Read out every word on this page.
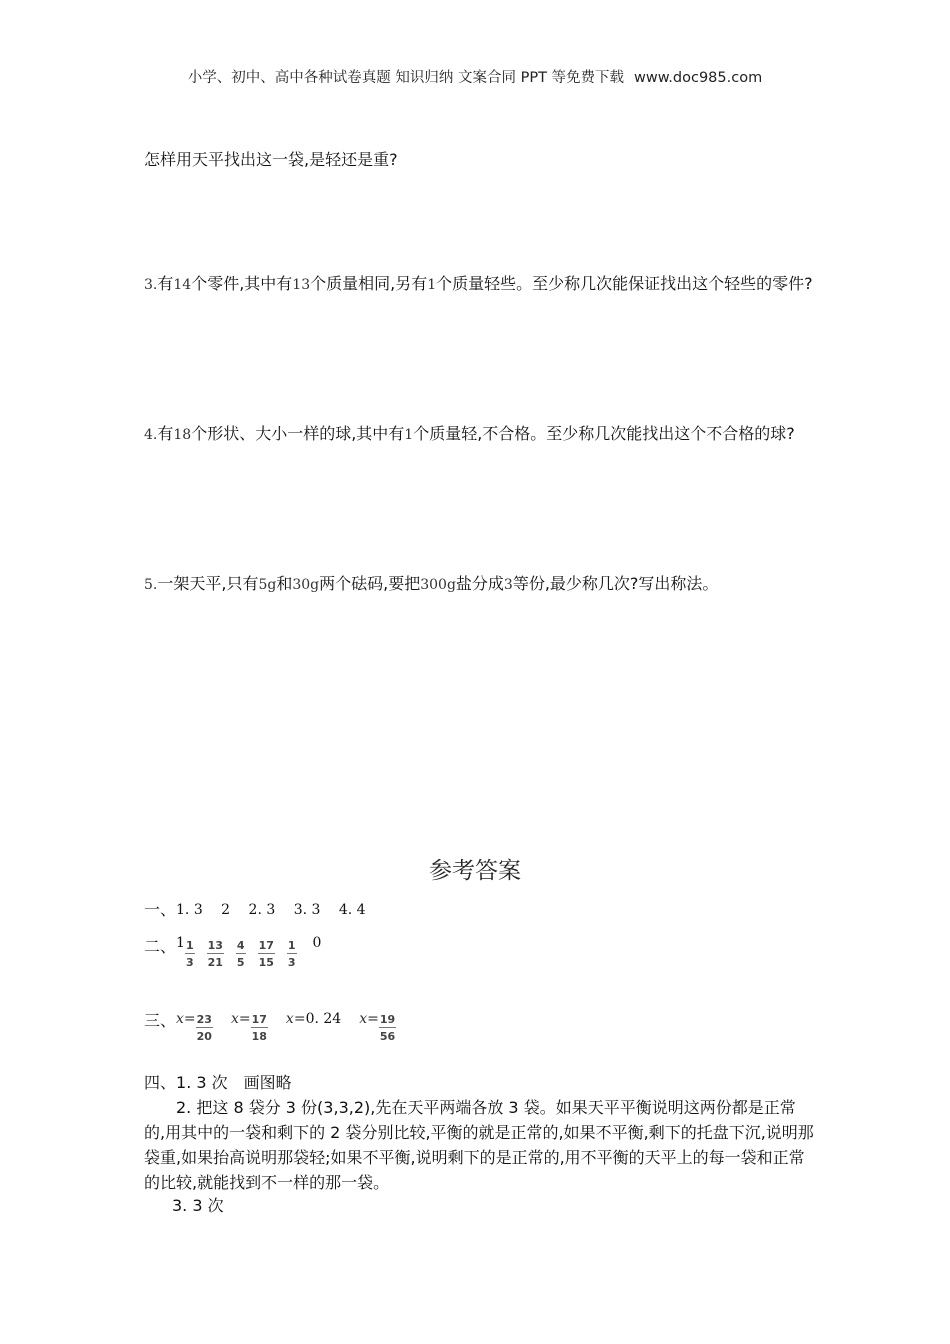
小学、初中、高中各种试卷真题 知识归纳 文案合同 PPT 等免费下载 www.doc985.com
怎样用天平找出这一袋,是轻还是重?
3.有14个零件,其中有13个质量相同,另有1个质量轻些。至少称几次能保证找出这个轻些的零件?
4.有18个形状、大小一样的球,其中有1个质量轻,不合格。至少称几次能找出这个不合格的球?
5.一架天平,只有5g和30g两个砝码,要把300g盐分成3等份,最少称几次?写出称法。
参考答案
一、 1. 3　 2　 2. 3　 3. 3　 4. 4
二、 $1 \frac{1}{3} \frac{13}{21} \frac{4}{5} \frac{17}{15} \frac{1}{3} 0$
三、 $x= \frac{23}{20} x= \frac{17}{18} x= 0$. 24 $x= \frac{19}{56}$
四、 1. 3 次　画图略
2. 把这 8 袋分 3 份(3,3,2),先在天平两端各放 3 袋。如果天平平衡说明这两份都是正常的,用其中的一袋和剩下的 2 袋分别比较,平衡的就是正常的,如果不平衡,剩下的托盘下沉,说明那袋重,如果抬高说明那袋轻;如果不平衡,说明剩下的是正常的,用不平衡的天平上的每一袋和正常的比较,就能找到不一样的那一袋。
3. 3 次
